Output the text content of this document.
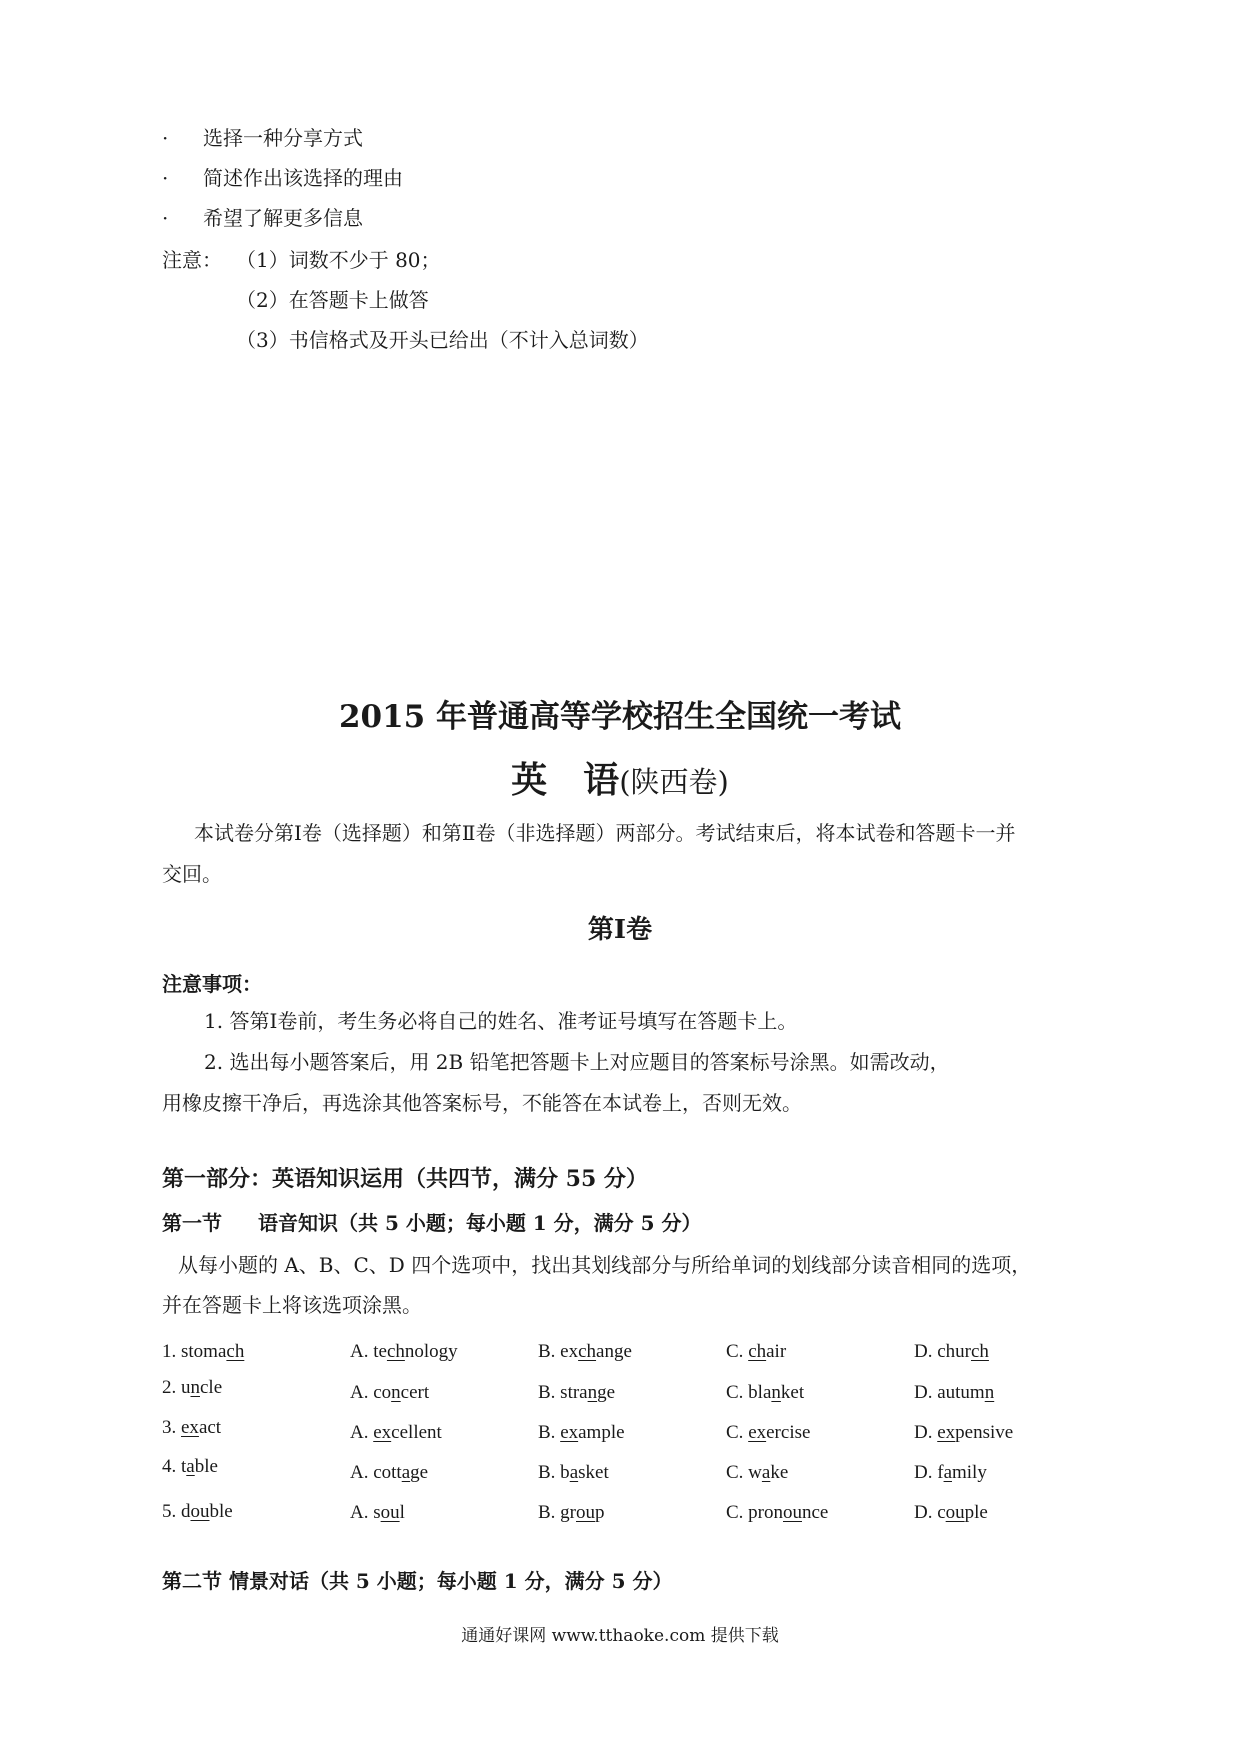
· 选择一种分享方式
· 简述作出该选择的理由
· 希望了解更多信息
注意： （1）词数不少于 80；
（2）在答题卡上做答
（3）书信格式及开头已给出（不计入总词数）
2015 年普通高等学校招生全国统一考试
英　语(陕西卷)
本试卷分第Ⅰ卷（选择题）和第Ⅱ卷（非选择题）两部分。考试结束后，将本试卷和答题卡一并
交回。
第Ⅰ卷
注意事项：
1. 答第Ⅰ卷前，考生务必将自己的姓名、准考证号填写在答题卡上。
2. 选出每小题答案后，用 2B 铅笔把答题卡上对应题目的答案标号涂黑。如需改动，
用橡皮擦干净后，再选涂其他答案标号，不能答在本试卷上，否则无效。
第一部分：英语知识运用（共四节，满分 55 分）
第一节 语音知识（共 5 小题；每小题 1 分，满分 5 分）
从每小题的 A、B、C、D 四个选项中，找出其划线部分与所给单词的划线部分读音相同的选项，
并在答题卡上将该选项涂黑。
1. stomach	A. technology	B. exchange	C. chair	D. church
2. uncle	A. concert	B. strange	C. blanket	D. autumn
3. exact	A. excellent	B. example	C. exercise	D. expensive
4. table	A. cottage	B. basket	C. wake	D. family
5. double	A. soul	B. group	C. pronounce	D. couple
第二节 情景对话（共 5 小题；每小题 1 分，满分 5 分）
通通好课网 www.tthaoke.com 提供下载
